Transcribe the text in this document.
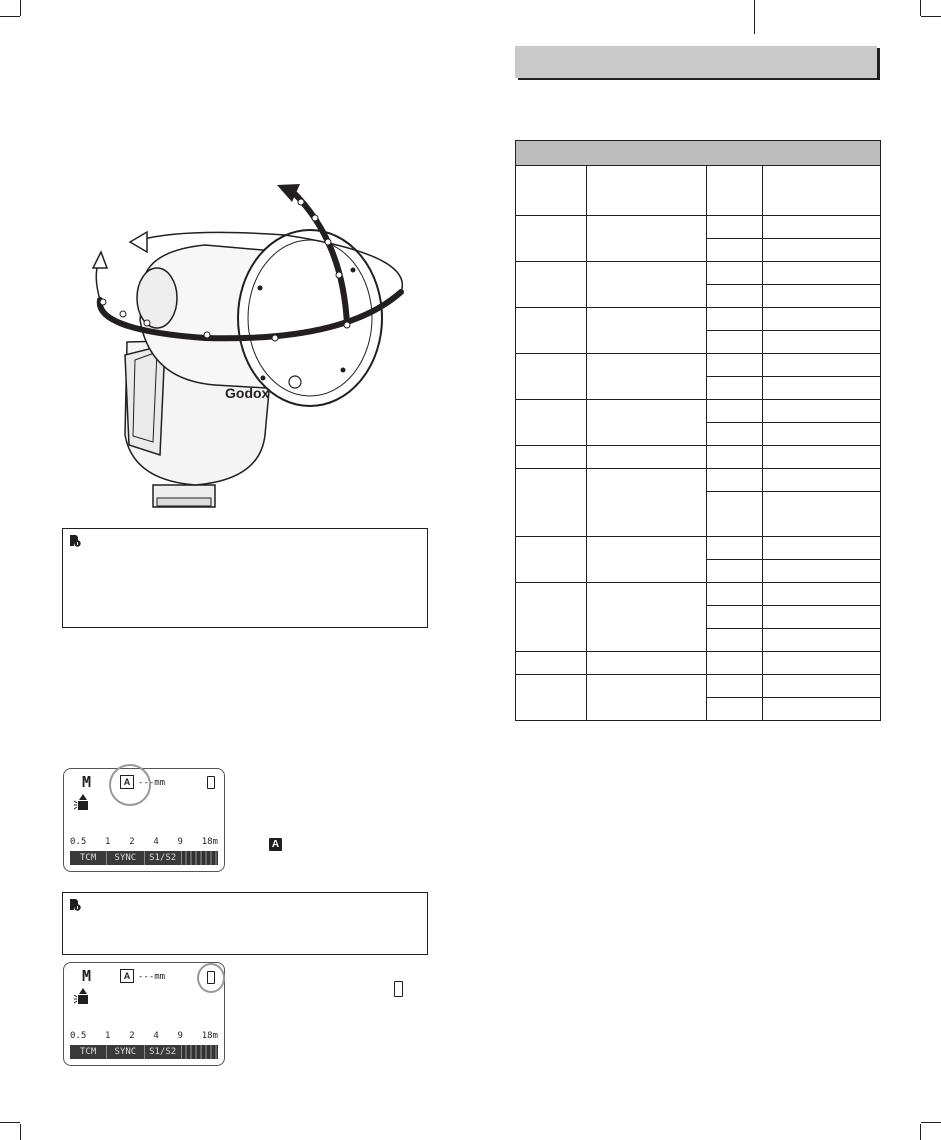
Godox
M	A ---mm
0.5 1 2 4 9 18m
TCM	SYNC	S1/S2
A
M	A ---mm
0.5 1 2 4 9 18m
TCM	SYNC	S1/S2
